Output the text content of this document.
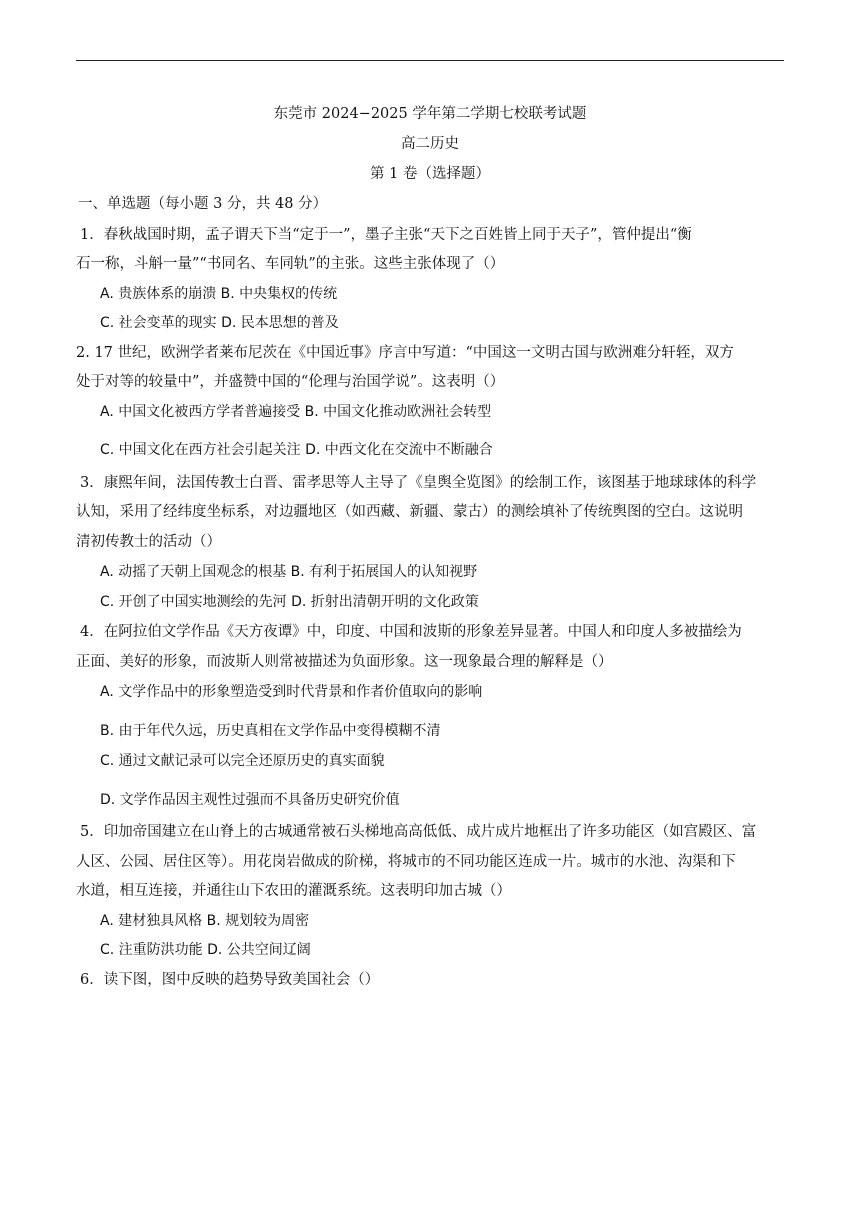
东莞市 2024−2025 学年第二学期七校联考试题
高二历史
第 1 卷（选择题）
一、单选题（每小题 3 分，共 48 分）
1．春秋战国时期，孟子谓天下当“定于一”，墨子主张“天下之百姓皆上同于天子”，管仲提出“衡
石一称，斗斛一量”“书同名、车同轨”的主张。这些主张体现了（）
A. 贵族体系的崩溃 B. 中央集权的传统
C. 社会变革的现实 D. 民本思想的普及
2. 17 世纪，欧洲学者莱布尼茨在《中国近事》序言中写道：“中国这一文明古国与欧洲难分轩轾，双方
处于对等的较量中”，并盛赞中国的“伦理与治国学说”。这表明（）
A. 中国文化被西方学者普遍接受 B. 中国文化推动欧洲社会转型
C. 中国文化在西方社会引起关注 D. 中西文化在交流中不断融合
3．康熙年间，法国传教士白晋、雷孝思等人主导了《皇舆全览图》的绘制工作，该图基于地球球体的科学
认知，采用了经纬度坐标系，对边疆地区（如西藏、新疆、蒙古）的测绘填补了传统舆图的空白。这说明
清初传教士的活动（）
A. 动摇了天朝上国观念的根基 B. 有利于拓展国人的认知视野
C. 开创了中国实地测绘的先河 D. 折射出清朝开明的文化政策
4．在阿拉伯文学作品《天方夜谭》中，印度、中国和波斯的形象差异显著。中国人和印度人多被描绘为
正面、美好的形象，而波斯人则常被描述为负面形象。这一现象最合理的解释是（）
A. 文学作品中的形象塑造受到时代背景和作者价值取向的影响
B. 由于年代久远，历史真相在文学作品中变得模糊不清
C. 通过文献记录可以完全还原历史的真实面貌
D. 文学作品因主观性过强而不具备历史研究价值
5．印加帝国建立在山脊上的古城通常被石头梯地高高低低、成片成片地框出了许多功能区（如宫殿区、富
人区、公园、居住区等）。用花岗岩做成的阶梯，将城市的不同功能区连成一片。城市的水池、沟渠和下
水道，相互连接，并通往山下农田的灌溉系统。这表明印加古城（）
A. 建材独具风格 B. 规划较为周密
C. 注重防洪功能 D. 公共空间辽阔
6．读下图，图中反映的趋势导致美国社会（）
